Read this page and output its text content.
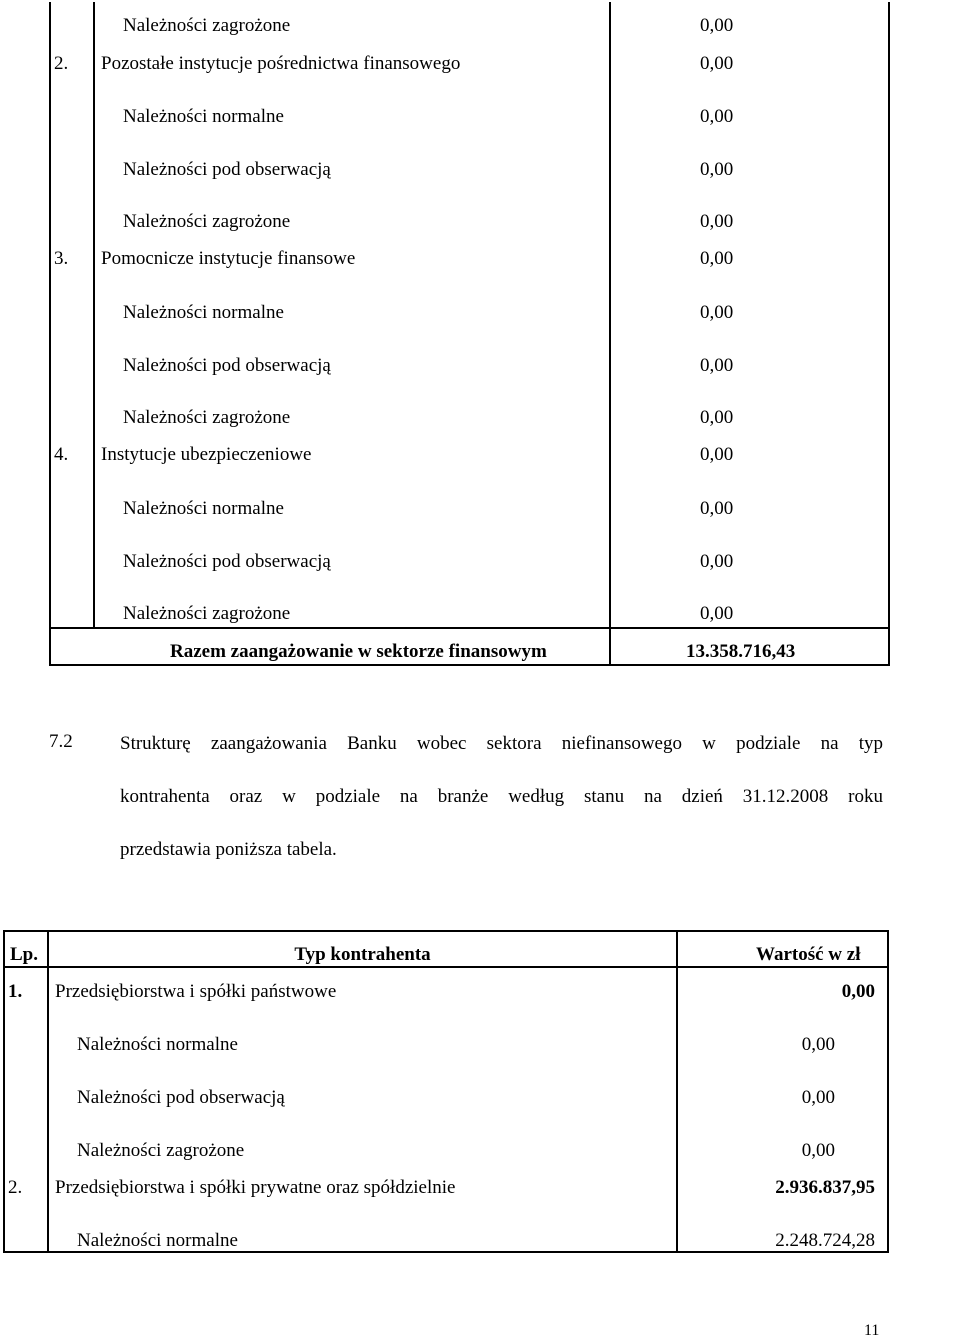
Należności zagrożone	0,00
2. Pozostałe instytucje pośrednictwa finansowego	0,00
Należności normalne	0,00
Należności pod obserwacją	0,00
Należności zagrożone	0,00
3. Pomocnicze instytucje finansowe	0,00
Należności normalne	0,00
Należności pod obserwacją	0,00
Należności zagrożone	0,00
4. Instytucje ubezpieczeniowe	0,00
Należności normalne	0,00
Należności pod obserwacją	0,00
Należności zagrożone	0,00
Razem zaangażowanie w sektorze finansowym	13.358.716,43
7.2 Strukturę zaangażowania Banku wobec sektora niefinansowego w podziale na typ
kontrahenta oraz w podziale na branże według stanu na dzień 31.12.2008 roku
przedstawia poniższa tabela.
Lp.	Typ kontrahenta	Wartość w zł
1. Przedsiębiorstwa i spółki państwowe	0,00
Należności normalne	0,00
Należności pod obserwacją	0,00
Należności zagrożone	0,00
2. Przedsiębiorstwa i spółki prywatne oraz spółdzielnie	2.936.837,95
Należności normalne	2.248.724,28
11
